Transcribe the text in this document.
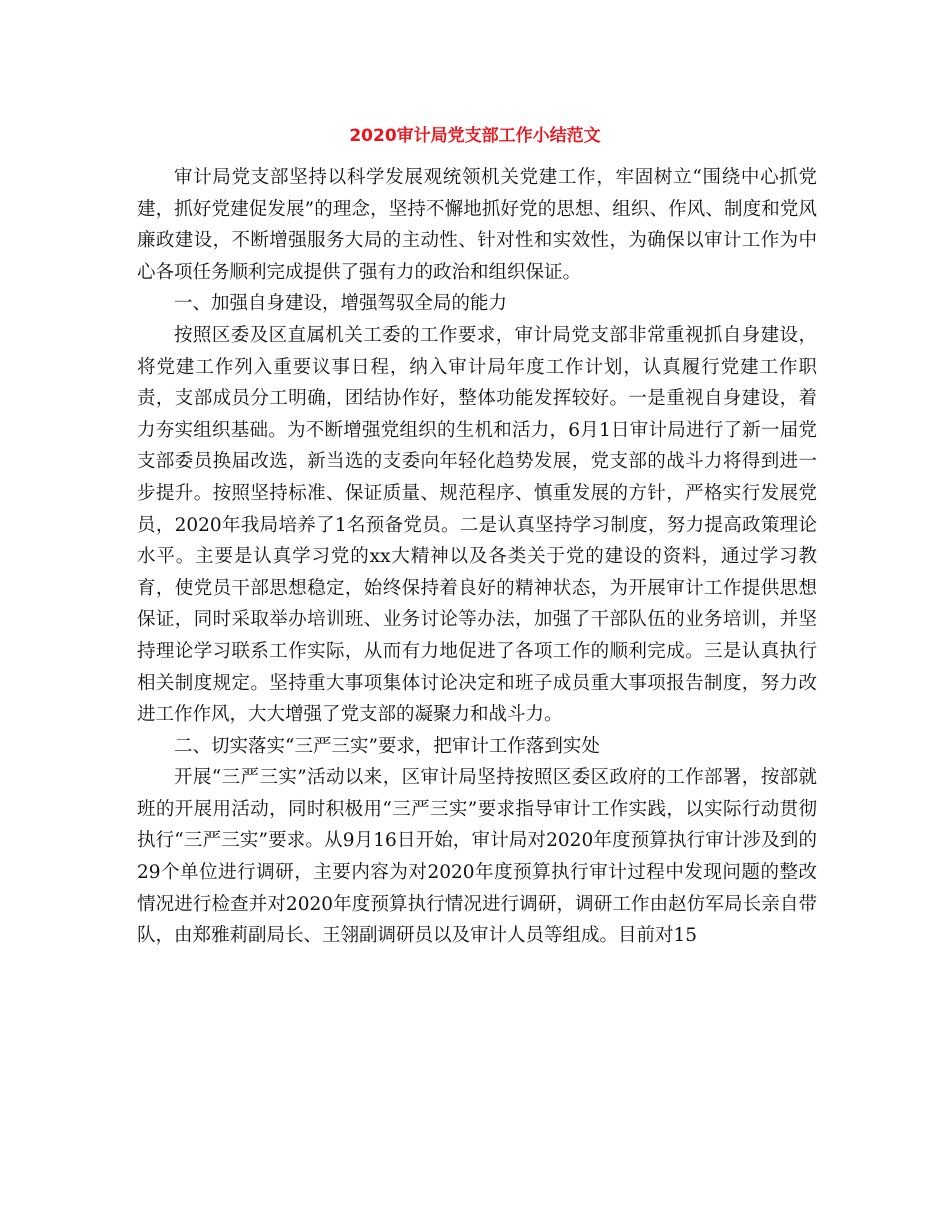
2020审计局党支部工作小结范文

审计局党支部坚持以科学发展观统领机关党建工作，牢固树立“围绕中心抓党建，抓好党建促发展”的理念，坚持不懈地抓好党的思想、组织、作风、制度和党风廉政建设，不断增强服务大局的主动性、针对性和实效性，为确保以审计工作为中心各项任务顺利完成提供了强有力的政治和组织保证。

一、加强自身建设，增强驾驭全局的能力

按照区委及区直属机关工委的工作要求，审计局党支部非常重视抓自身建设，将党建工作列入重要议事日程，纳入审计局年度工作计划，认真履行党建工作职责，支部成员分工明确，团结协作好，整体功能发挥较好。一是重视自身建设，着力夯实组织基础。为不断增强党组织的生机和活力，6月1日审计局进行了新一届党支部委员换届改选，新当选的支委向年轻化趋势发展，党支部的战斗力将得到进一步提升。按照坚持标准、保证质量、规范程序、慎重发展的方针，严格实行发展党员，2020年我局培养了1名预备党员。二是认真坚持学习制度，努力提高政策理论水平。主要是认真学习党的xx大精神以及各类关于党的建设的资料，通过学习教育，使党员干部思想稳定，始终保持着良好的精神状态，为开展审计工作提供思想保证，同时采取举办培训班、业务讨论等办法，加强了干部队伍的业务培训，并坚持理论学习联系工作实际，从而有力地促进了各项工作的顺利完成。三是认真执行相关制度规定。坚持重大事项集体讨论决定和班子成员重大事项报告制度，努力改进工作作风，大大增强了党支部的凝聚力和战斗力。

二、切实落实“三严三实”要求，把审计工作落到实处

开展“三严三实”活动以来，区审计局坚持按照区委区政府的工作部署，按部就班的开展用活动，同时积极用“三严三实”要求指导审计工作实践，以实际行动贯彻执行“三严三实”要求。从9月16日开始，审计局对2020年度预算执行审计涉及到的29个单位进行调研，主要内容为对2020年度预算执行审计过程中发现问题的整改情况进行检查并对2020年度预算执行情况进行调研，调研工作由赵仿军局长亲自带队，由郑雅莉副局长、王翎副调研员以及审计人员等组成。目前对15
